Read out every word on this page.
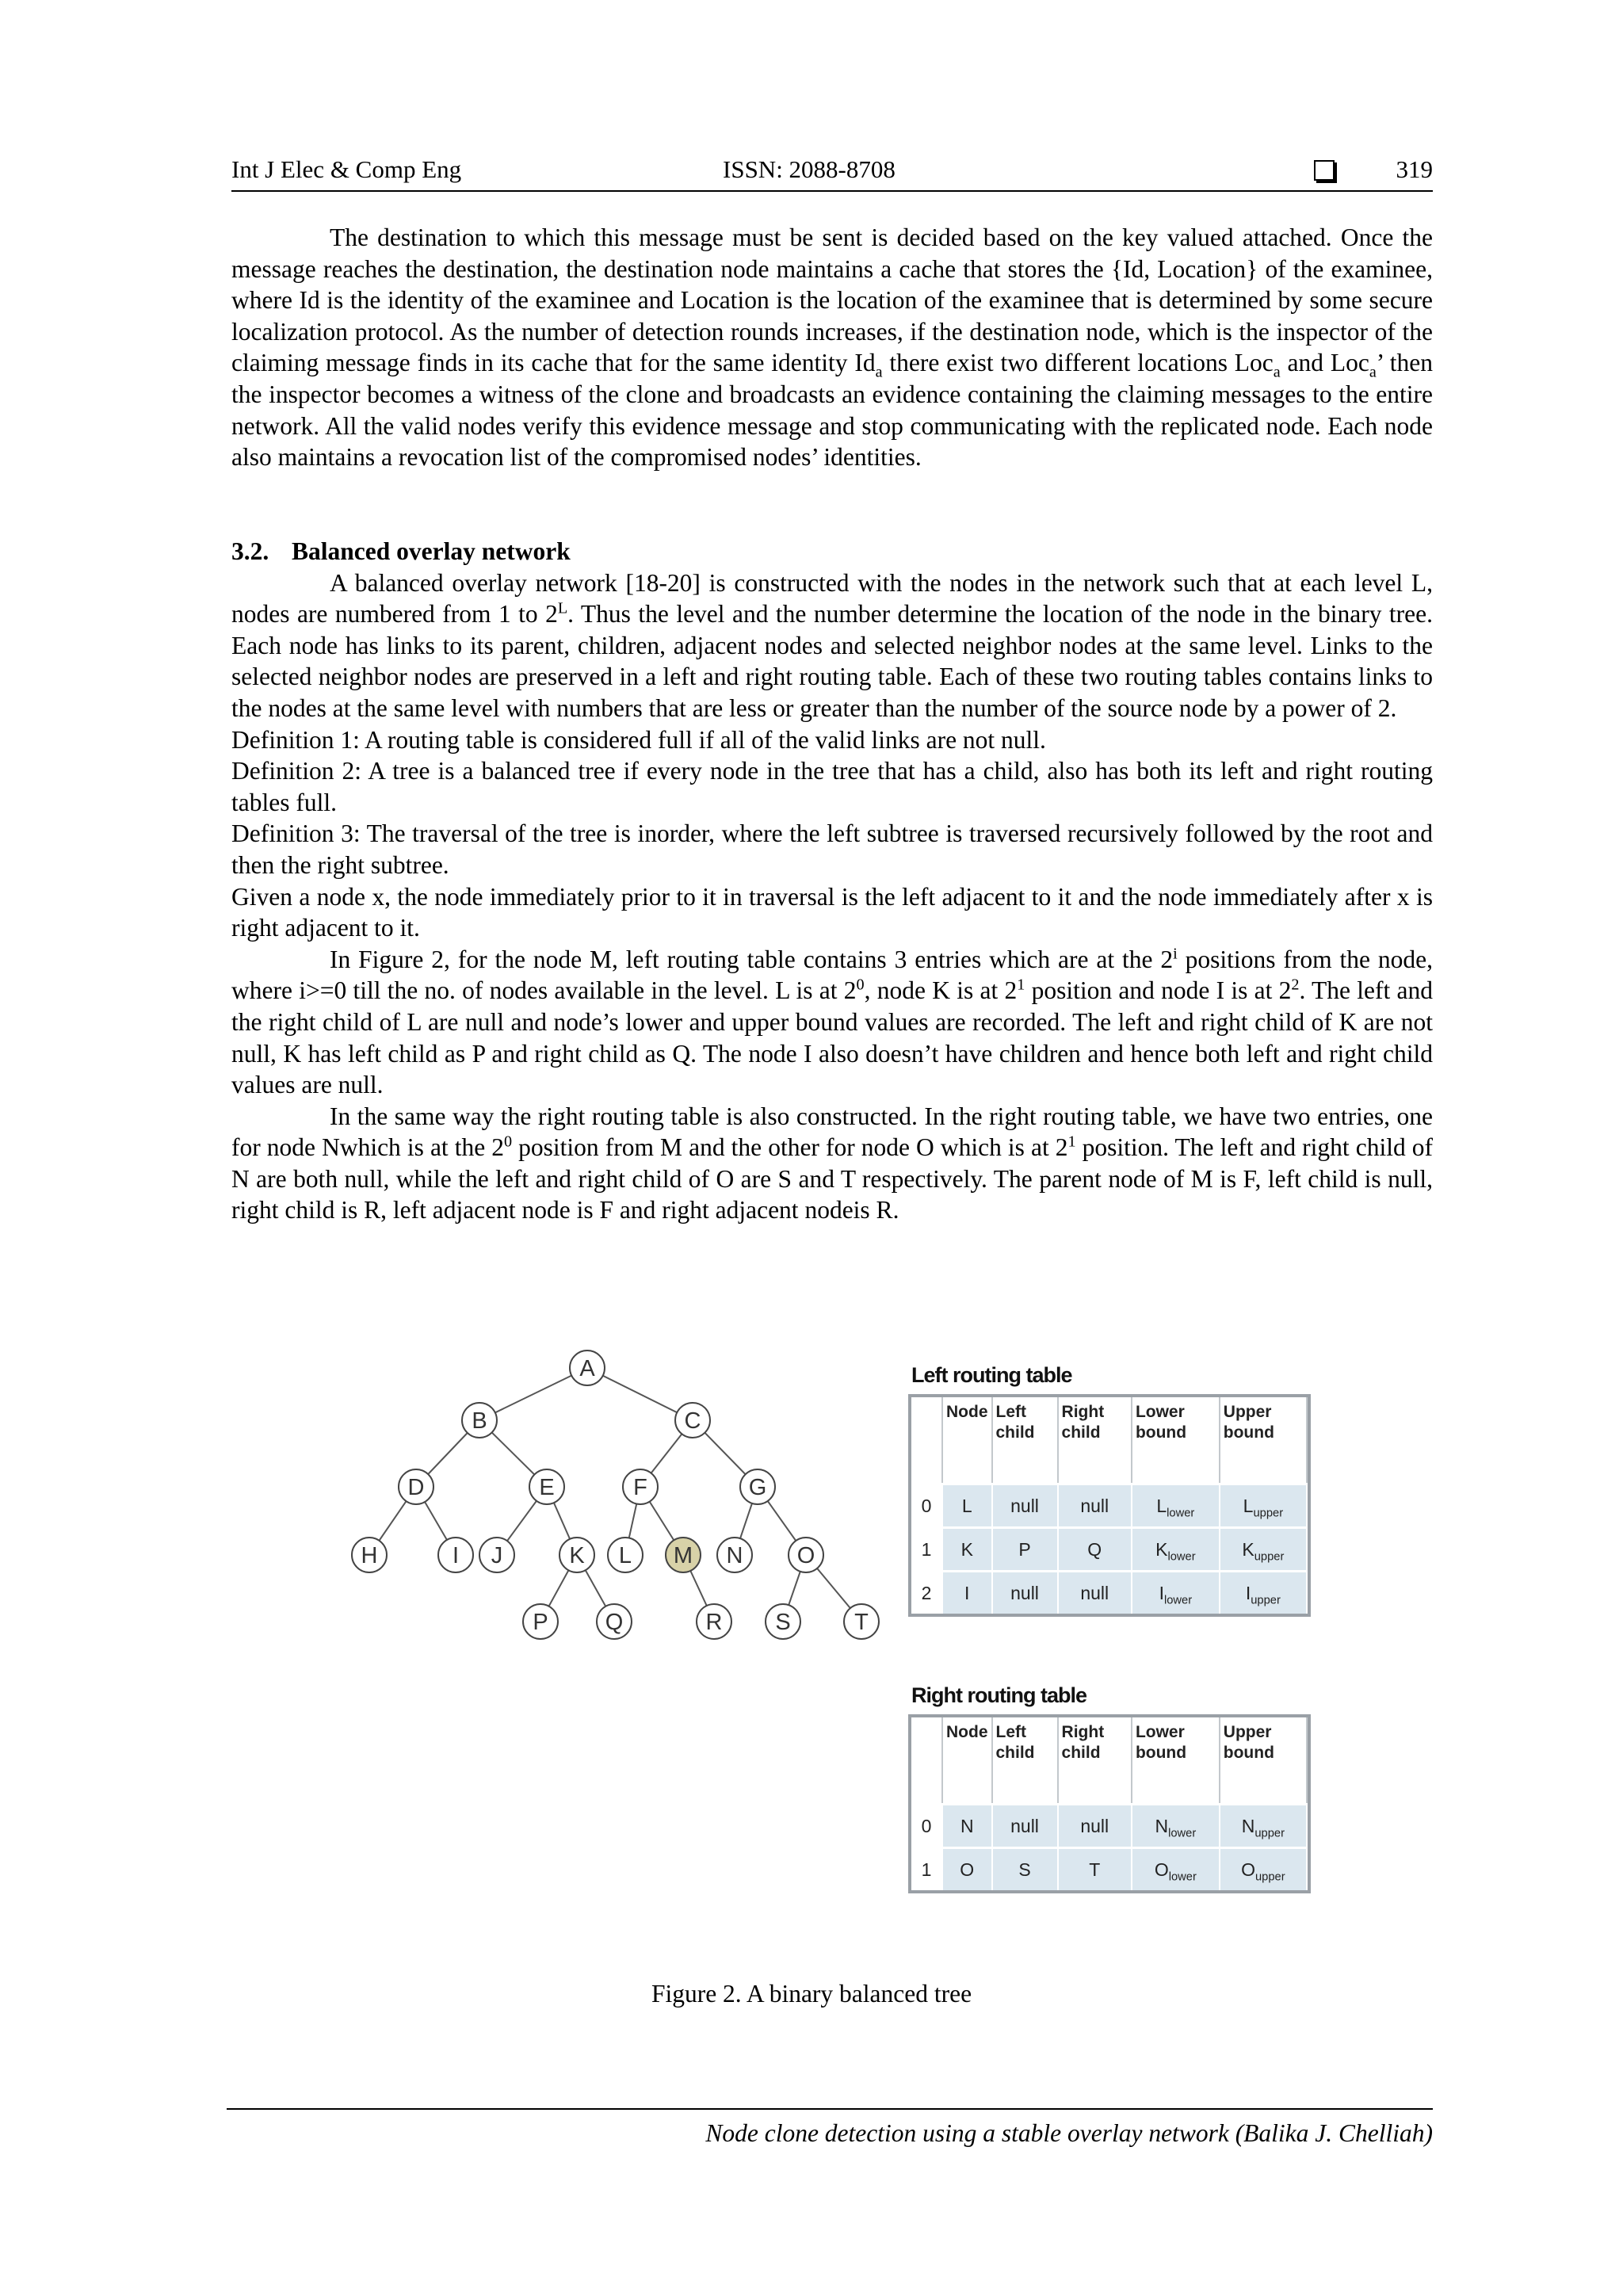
Int J Elec & Comp Eng	ISSN: 2088-8708	319

The destination to which this message must be sent is decided based on the key valued attached. Once the message reaches the destination, the destination node maintains a cache that stores the {Id, Location} of the examinee, where Id is the identity of the examinee and Location is the location of the examinee that is determined by some secure localization protocol. As the number of detection rounds increases, if the destination node, which is the inspector of the claiming message finds in its cache that for the same identity $Id_a$ there exist two different locations Loc$_a$ and Loc$_a$’ then the inspector becomes a witness of the clone and broadcasts an evidence containing the claiming messages to the entire network. All the valid nodes verify this evidence message and stop communicating with the replicated node. Each node also maintains a revocation list of the compromised nodes’ identities.

3.2. Balanced overlay network

A balanced overlay network [18-20] is constructed with the nodes in the network such that at each level L, nodes are numbered from 1 to $2^L$. Thus the level and the number determine the location of the node in the binary tree. Each node has links to its parent, children, adjacent nodes and selected neighbor nodes at the same level. Links to the selected neighbor nodes are preserved in a left and right routing table. Each of these two routing tables contains links to the nodes at the same level with numbers that are less or greater than the number of the source node by a power of 2.

Definition 1: A routing table is considered full if all of the valid links are not null.

Definition 2: A tree is a balanced tree if every node in the tree that has a child, also has both its left and right routing tables full.

Definition 3: The traversal of the tree is inorder, where the left subtree is traversed recursively followed by the root and then the right subtree.

Given a node x, the node immediately prior to it in traversal is the left adjacent to it and the node immediately after x is right adjacent to it.

In Figure 2, for the node M, left routing table contains 3 entries which are at the 2$^i$ positions from the node, where i>=0 till the no. of nodes available in the level. L is at $2^0$, node K is at $2^1$ position and node I is at $2^2$. The left and the right child of L are null and node’s lower and upper bound values are recorded. The left and right child of K are not null, K has left child as P and right child as Q. The node I also doesn’t have children and hence both left and right child values are null.

In the same way the right routing table is also constructed. In the right routing table, we have two entries, one for node Nwhich is at the $2^0$ position from M and the other for node O which is at $2^1$ position. The left and right child of N are both null, while the left and right child of O are S and T respectively. The parent node of M is F, left child is null, right child is R, left adjacent node is F and right adjacent nodeis R.

A
B	C
D	E	F	G
H	I J	K L M N O
P Q	R S	T
Left routing table
	Node	Left child	Right child	Lower bound	Upper bound
0	L	null	null	$L_{lower}$	$L_{upper}$
1	K	P	Q	$K_{lower}$	$K_{upper}$
2	I	null	null	$I_{lower}$	$I_{upper}$
Right routing table
	Node	Left child	Right child	Lower bound	Upper bound
0	N	null	null	$N_{lower}$	$N_{upper}$
1	O	S	T	$O_{lower}$	$O_{upper}$
Figure 2. A binary balanced tree
Node clone detection using a stable overlay network (Balika J. Chelliah)
